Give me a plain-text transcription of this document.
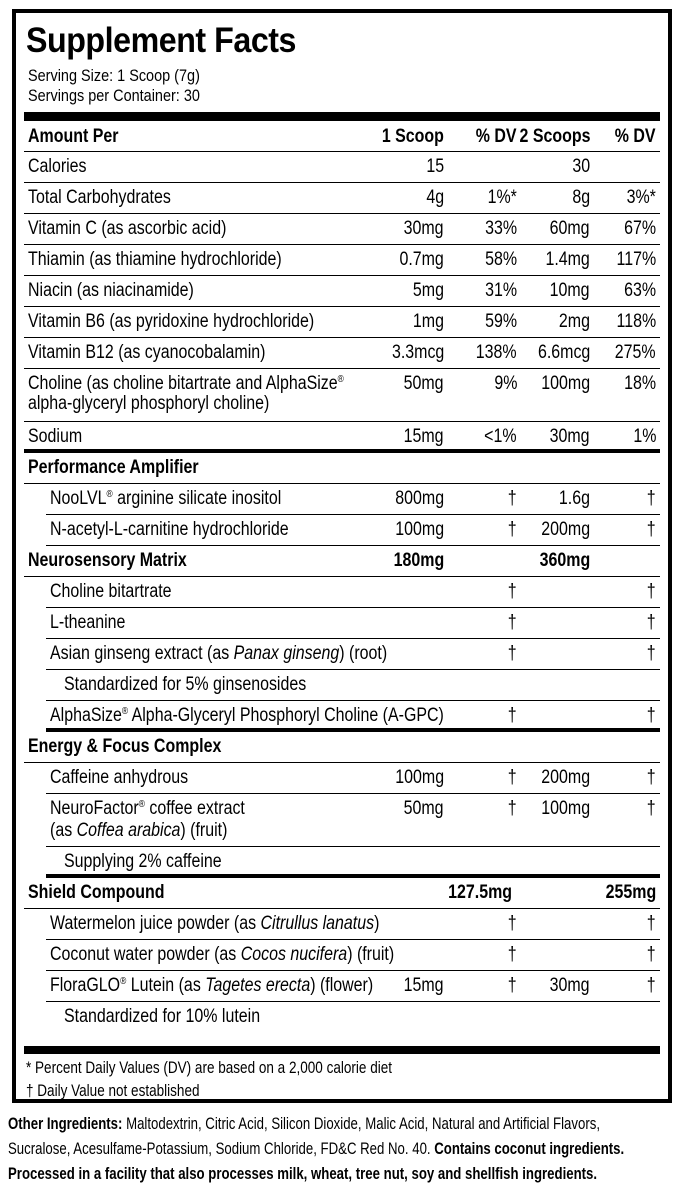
Supplement Facts
Serving Size: 1 Scoop (7g)
Servings per Container: 30
Amount Per	1 Scoop % DV 2 Scoops % DV
Calories	15	30
Total Carbohydrates	4g 1%*	8g 3%*
Vitamin C (as ascorbic acid)	30mg 33% 60mg 67%
Thiamin (as thiamine hydrochloride)	0.7mg 58% 1.4mg 117%
Niacin (as niacinamide)	5mg 31% 10mg 63%
Vitamin B6 (as pyridoxine hydrochloride)	1mg 59% 2mg 118%
Vitamin B12 (as cyanocobalamin)	3.3mcg 138% 6.6mcg 275%
Choline (as choline bitartrate and AlphaSize®
alpha-glyceryl phosphoryl choline)
50mg	9% 100mg 18%
Sodium	15mg <1% 30mg 1%
Performance Amplifier
NooLVL® arginine silicate inositol	800mg	† 1.6g	†
N-acetyl-L-carnitine hydrochloride	100mg	† 200mg	†
Neurosensory Matrix	180mg	360mg
Choline bitartrate	†	†
L-theanine	†	†
Asian ginseng extract (as Panax ginseng) (root)	†	†
Standardized for 5% ginsenosides
AlphaSize® Alpha-Glyceryl Phosphoryl Choline (A-GPC)	†	†
Energy & Focus Complex
Caffeine anhydrous	100mg	† 200mg	†
NeuroFactor® coffee extract
(as Coffea arabica) (fruit)
50mg	† 100mg	†
Supplying 2% caffeine
Shield Compound	127.5mg	255mg
Watermelon juice powder (as Citrullus lanatus)	†	†
Coconut water powder (as Cocos nucifera) (fruit)	†	†
FloraGLO® Lutein (as Tagetes erecta) (flower) 15mg	† 30mg	†
Standardized for 10% lutein
* Percent Daily Values (DV) are based on a 2,000 calorie diet
† Daily Value not established
Other Ingredients: Maltodextrin, Citric Acid, Silicon Dioxide, Malic Acid, Natural and Artificial Flavors,
Sucralose, Acesulfame-Potassium, Sodium Chloride, FD&C Red No. 40. Contains coconut ingredients.
Processed in a facility that also processes milk, wheat, tree nut, soy and shellfish ingredients.
